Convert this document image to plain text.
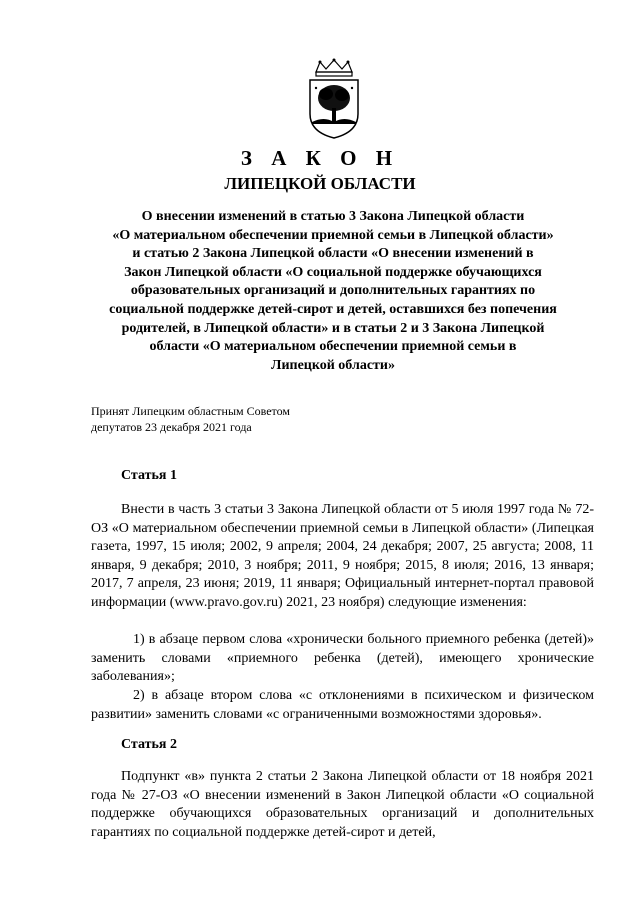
З А К О Н
ЛИПЕЦКОЙ ОБЛАСТИ
О внесении изменений в статью 3 Закона Липецкой области
«О материальном обеспечении приемной семьи в Липецкой области»
и статью 2 Закона Липецкой области «О внесении изменений в
Закон Липецкой области «О социальной поддержке обучающихся
образовательных организаций и дополнительных гарантиях по
социальной поддержке детей-сирот и детей, оставшихся без попечения
родителей, в Липецкой области» и в статьи 2 и 3 Закона Липецкой
области «О материальном обеспечении приемной семьи в
Липецкой области»
Принят Липецким областным Советом
депутатов 23 декабря 2021 года
Статья 1
Внести в часть 3 статьи 3 Закона Липецкой области от 5 июля 1997 года № 72-ОЗ «О материальном обеспечении приемной семьи в Липецкой области» (Липецкая газета, 1997, 15 июля; 2002, 9 апреля; 2004, 24 декабря; 2007, 25 августа; 2008, 11 января, 9 декабря; 2010, 3 ноября; 2011, 9 ноября; 2015, 8 июля; 2016, 13 января; 2017, 7 апреля, 23 июня; 2019, 11 января; Официальный интернет-портал правовой информации (www.pravo.gov.ru) 2021, 23 ноября) следующие изменения:
1) в абзаце первом слова «хронически больного приемного ребенка (детей)» заменить словами «приемного ребенка (детей), имеющего хронические заболевания»;
2) в абзаце втором слова «с отклонениями в психическом и физическом развитии» заменить словами «с ограниченными возможностями здоровья».
Статья 2
Подпункт «в» пункта 2 статьи 2 Закона Липецкой области от 18 ноября 2021 года № 27-ОЗ «О внесении изменений в Закон Липецкой области «О социальной поддержке обучающихся образовательных организаций и дополнительных гарантиях по социальной поддержке детей-сирот и детей,
